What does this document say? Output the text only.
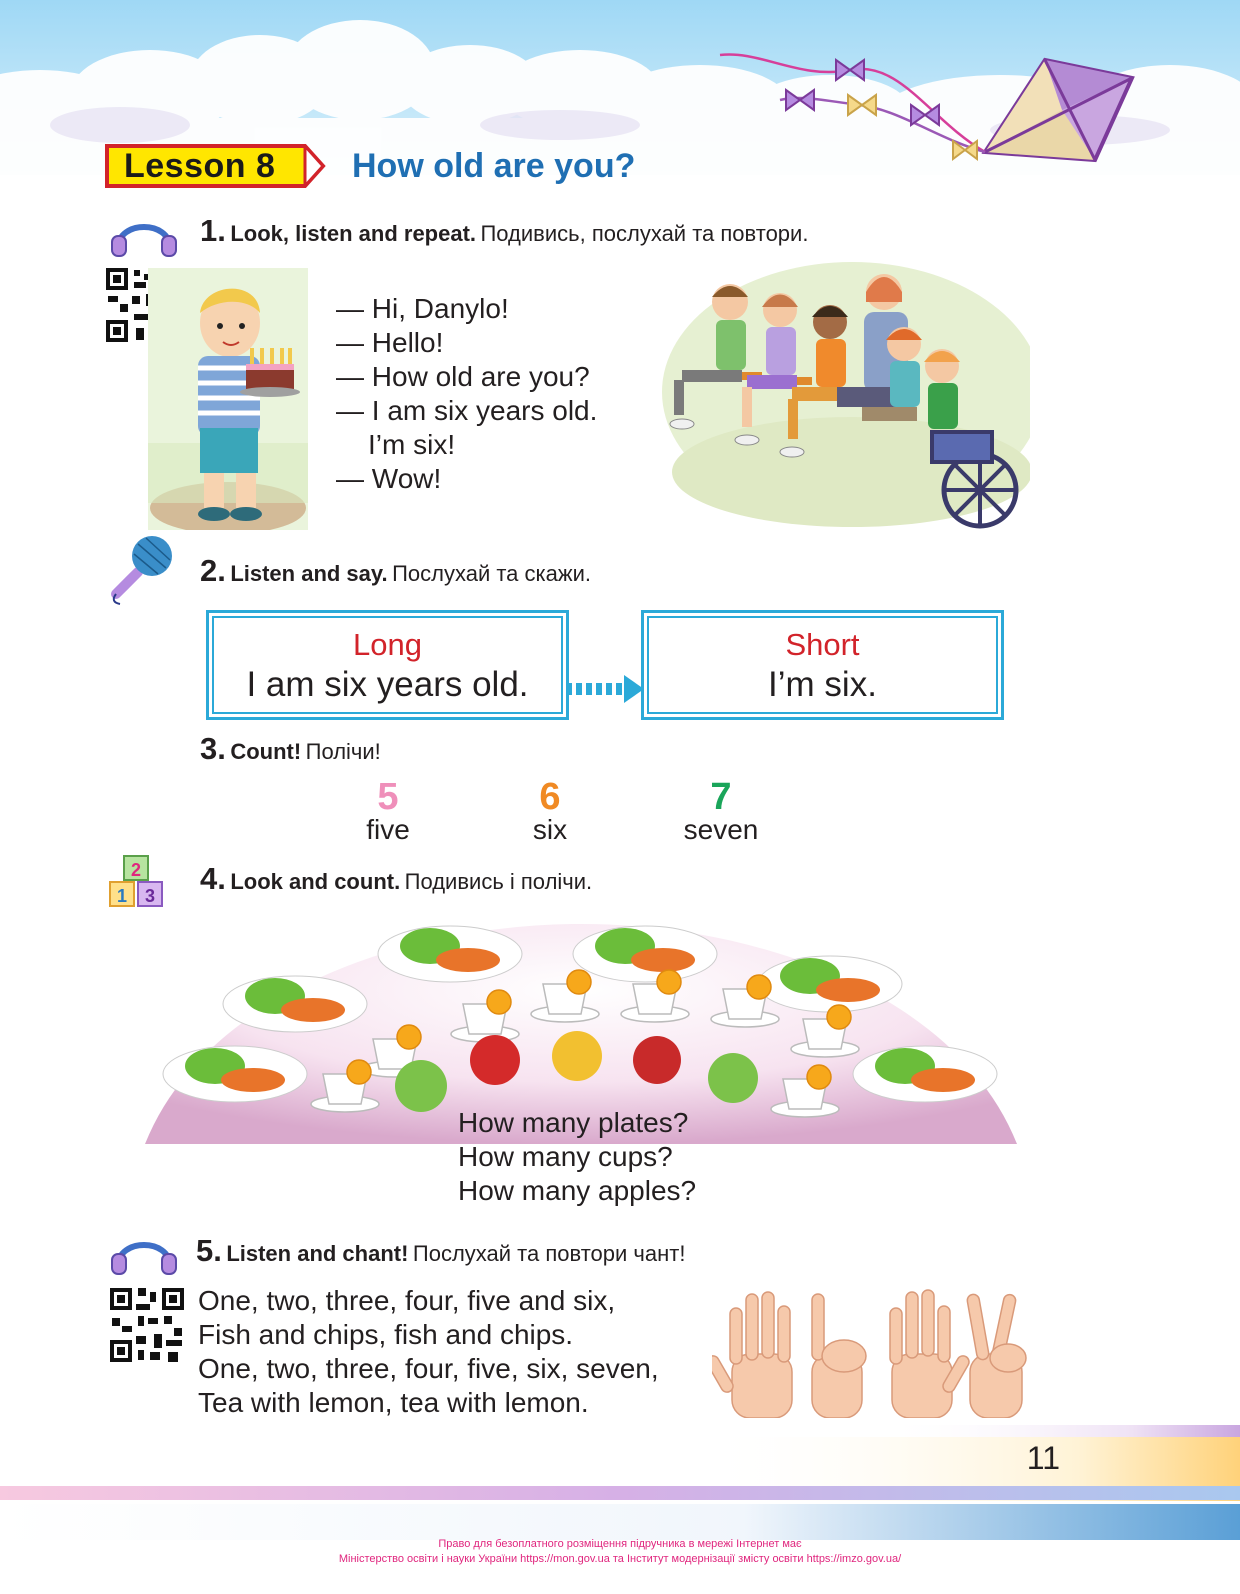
Lesson 8 How old are you?
1. Look, listen and repeat. Подивись, послухай та повтори.
— Hi, Danylo!
— Hello!
— How old are you?
— I am six years old.
I’m six!
— Wow!
2. Listen and say. Послухай та скажи.
Long
I am six years old.
Short
I’m six.
3. Count! Полічи!
5
five
6
six
7
seven
2
1 3 4. Look and count. Подивись і полічи.
How many plates?
How many cups?
How many apples?
5. Listen and chant! Послухай та повтори чант!
One, two, three, four, five and six,
Fish and chips, fish and chips.
One, two, three, four, five, six, seven,
Tea with lemon, tea with lemon.
11
Право для безоплатного розміщення підручника в мережі Інтернет має
Міністерство освіти і науки України https://mon.gov.ua та Інститут модернізації змісту освіти https://imzo.gov.ua/
